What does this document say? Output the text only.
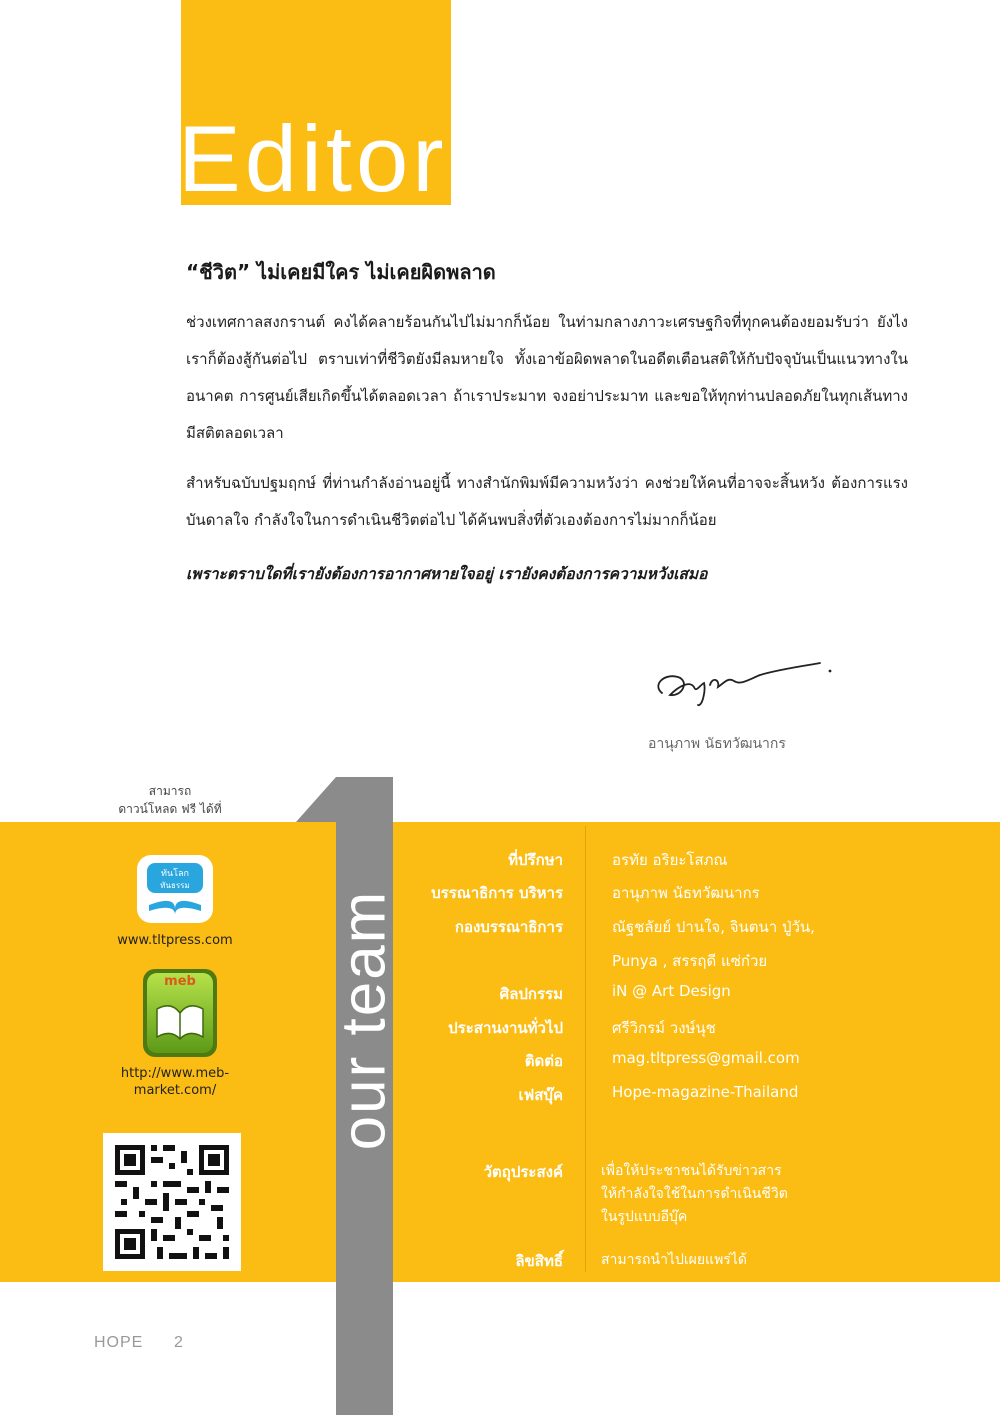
Editor
“ชีวิต” ไม่เคยมีใคร ไม่เคยผิดพลาด
ช่วงเทศกาลสงกรานต์ คงได้คลายร้อนกันไปไม่มากก็น้อย ในท่ามกลางภาวะเศรษฐกิจที่ทุกคนต้องยอมรับว่า ยังไงเราก็ต้องสู้กันต่อไป ตราบเท่าที่ชีวิตยังมีลมหายใจ ทั้งเอาข้อผิดพลาดในอดีตเตือนสติให้กับปัจจุบันเป็นแนวทางในอนาคต การศูนย์เสียเกิดขึ้นได้ตลอดเวลา ถ้าเราประมาท จงอย่าประมาท และขอให้ทุกท่านปลอดภัยในทุกเส้นทาง มีสติตลอดเวลา
สำหรับฉบับปฐมฤกษ์ ที่ท่านกำลังอ่านอยู่นี้ ทางสำนักพิมพ์มีความหวังว่า คงช่วยให้คนที่อาจจะสิ้นหวัง ต้องการแรงบันดาลใจ กำลังใจในการดำเนินชีวิตต่อไป ได้ค้นพบสิ่งที่ตัวเองต้องการไม่มากก็น้อย
เพราะตราบใดที่เรายังต้องการอากาศหายใจอยู่ เรายังคงต้องการความหวังเสมอ
อานุภาพ นัธทวัฒนากร
สามารถ
ดาวน์โหลด ฟรี ได้ที่
ทันโลก
ทันธรรม
www.tltpress.com
meb
http://www.meb-
market.com/	our team
ที่ปรึกษา	อรทัย อริยะโสภณ
บรรณาธิการ บริหาร	อานุภาพ นัธทวัฒนากร
กองบรรณาธิการ	ณัฐชลัยย์ ปานใจ, จินตนา ปู่วัน,
Punya , สรรฤดี แซ่ก๋วย
ศิลปกรรม	iN @ Art Design
ประสานงานทั่วไป	ศรีวิกรม์ วงษ์นุช
ติดต่อ	mag.tltpress@gmail.com
เฟสบุ๊ค	Hope-magazine-Thailand
วัตถุประสงค์	เพื่อให้ประชาชนได้รับข่าวสาร
ให้กำลังใจใช้ในการดำเนินชีวิต
ในรูปแบบอีบุ๊ค
ลิขสิทธิ์	สามารถนำไปเผยแพร่ได้
HOPE 2
